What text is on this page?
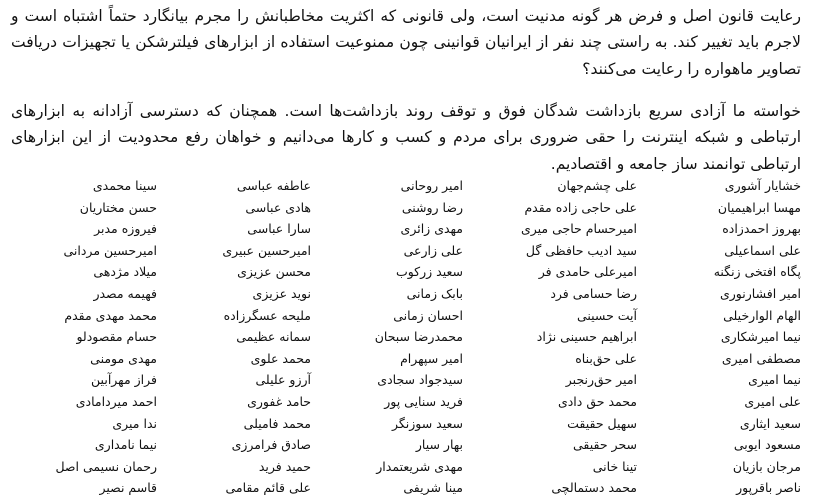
رعایت قانون اصل و فرض هر گونه مدنیت است، ولی قانونی که اکثریت مخاطبانش را مجرم بیانگارد حتماً اشتباه است و لاجرم باید تغییر کند. به راستی چند نفر از ایرانیان قوانینی چون ممنوعیت استفاده از ابزارهای فیلترشکن یا تجهیزات دریافت تصاویر ماهواره را رعایت می‌کنند؟

خواسته ما آزادی سریع بازداشت شدگان فوق و توقف روند بازداشت‌ها است. همچنان که دسترسی آزادانه به ابزارهای ارتباطی و شبکه اینترنت را حقی ضروری برای مردم و کسب و کارها می‌دانیم و خواهان رفع محدودیت از این ابزارهای ارتباطی توانمند ساز جامعه و اقتصادیم.

خشایار آشوری
مهسا ابراهیمیان
بهروز احمدزاده
علی اسماعیلی
پگاه افتخی زنگنه
امیر افشارنوری
الهام الوارخیلی
نیما امیرشکاری
مصطفی امیری
نیما امیری
علی امیری
سعید ایثاری
مسعود ایوبی
مرجان بازیان
ناصر باقرپور
علی چشم‌جهان
علی حاجی زاده مقدم
امیرحسام حاجی میری
سید ادیب حافظی گل
امیرعلی حامدی فر
رضا حسامی فرد
آیت حسینی
ابراهیم حسینی نژاد
علی حق‌بناه
امیر حق‌رنجبر
محمد حق دادی
سهیل حقیقت
سحر حقیقی
تینا خانی
محمد دستمالچی
امیر روحانی
رضا روشنی
مهدی زائری
علی زارعی
سعید زرکوب
بابک زمانی
احسان زمانی
محمدرضا سبحان
امیر سپهرام
سیدجواد سجادی
فرید سنایی پور
سعید سوزنگر
بهار سیار
مهدی شریعتمدار
مینا شریفی
عاطفه عباسی
هادی عباسی
سارا عباسی
امیرحسین عبیری
محسن عزیزی
نوید عزیزی
ملیحه عسگرزاده
سمانه عظیمی
محمد علوی
آرزو علیلی
حامد غفوری
محمد فامیلی
صادق فرامرزی
حمید فرید
علی قائم مقامی
سینا محمدی
حسن مختاریان
فیروزه مدبر
امیرحسین مردانی
میلاد مژدهی
فهیمه مصدر
محمد مهدی مقدم
حسام مقصودلو
مهدی مومنی
فراز مهرآبین
احمد میردامادی
ندا میری
نیما نامداری
رحمان نسیمی اصل
قاسم نصیر
